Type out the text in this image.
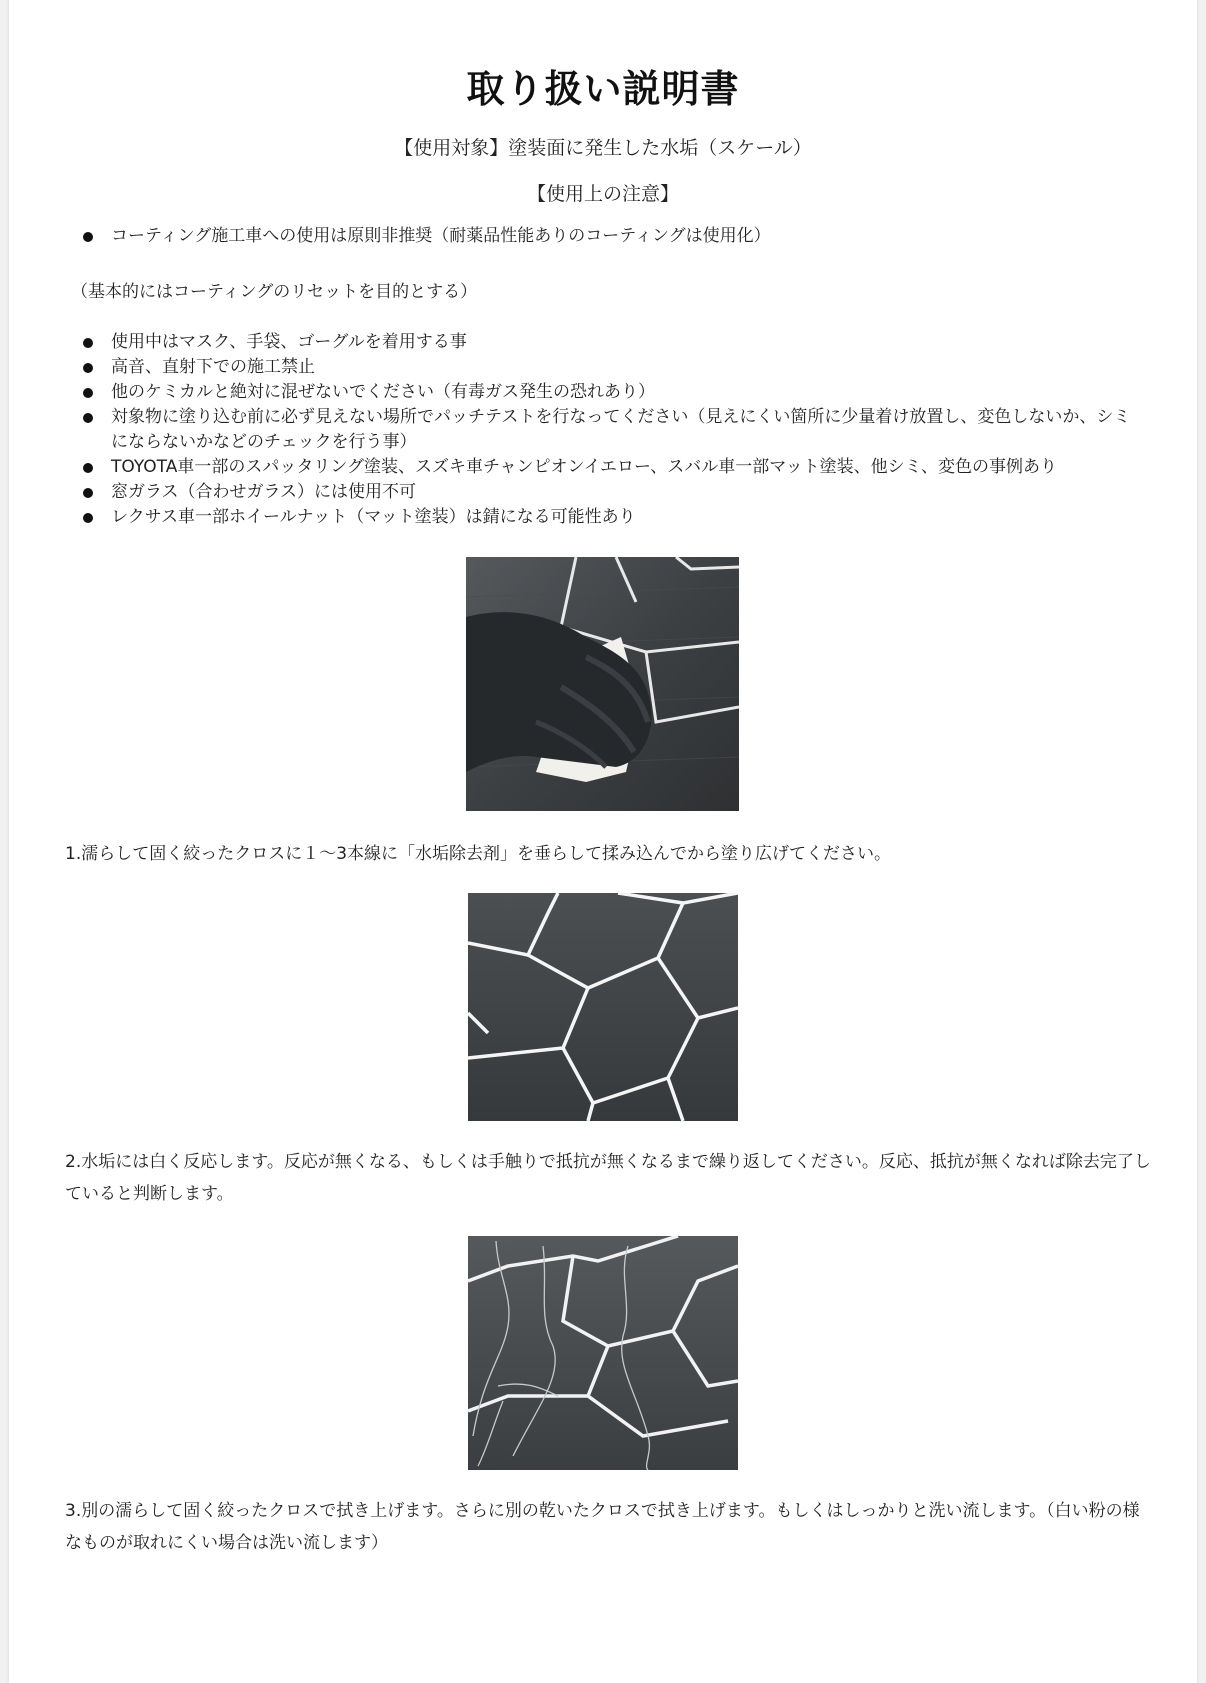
取り扱い説明書
【使用対象】塗装面に発生した水垢（スケール）
【使用上の注意】
コーティング施工車への使用は原則非推奨（耐薬品性能ありのコーティングは使用化）
（基本的にはコーティングのリセットを目的とする）
使用中はマスク、手袋、ゴーグルを着用する事
高音、直射下での施工禁止
他のケミカルと絶対に混ぜないでください（有毒ガス発生の恐れあり）
対象物に塗り込む前に必ず見えない場所でパッチテストを行なってください（見えにくい箇所に少量着け放置し、変色しないか、シミにならないかなどのチェックを行う事）
TOYOTA車一部のスパッタリング塗装、スズキ車チャンピオンイエロー、スバル車一部マット塗装、他シミ、変色の事例あり
窓ガラス（合わせガラス）には使用不可
レクサス車一部ホイールナット（マット塗装）は錆になる可能性あり
1.濡らして固く絞ったクロスに１～3本線に「水垢除去剤」を垂らして揉み込んでから塗り広げてください。
2.水垢には白く反応します。反応が無くなる、もしくは手触りで抵抗が無くなるまで繰り返してください。反応、抵抗が無くなれば除去完了していると判断します。
3.別の濡らして固く絞ったクロスで拭き上げます。さらに別の乾いたクロスで拭き上げます。もしくはしっかりと洗い流します。（白い粉の様なものが取れにくい場合は洗い流します）
